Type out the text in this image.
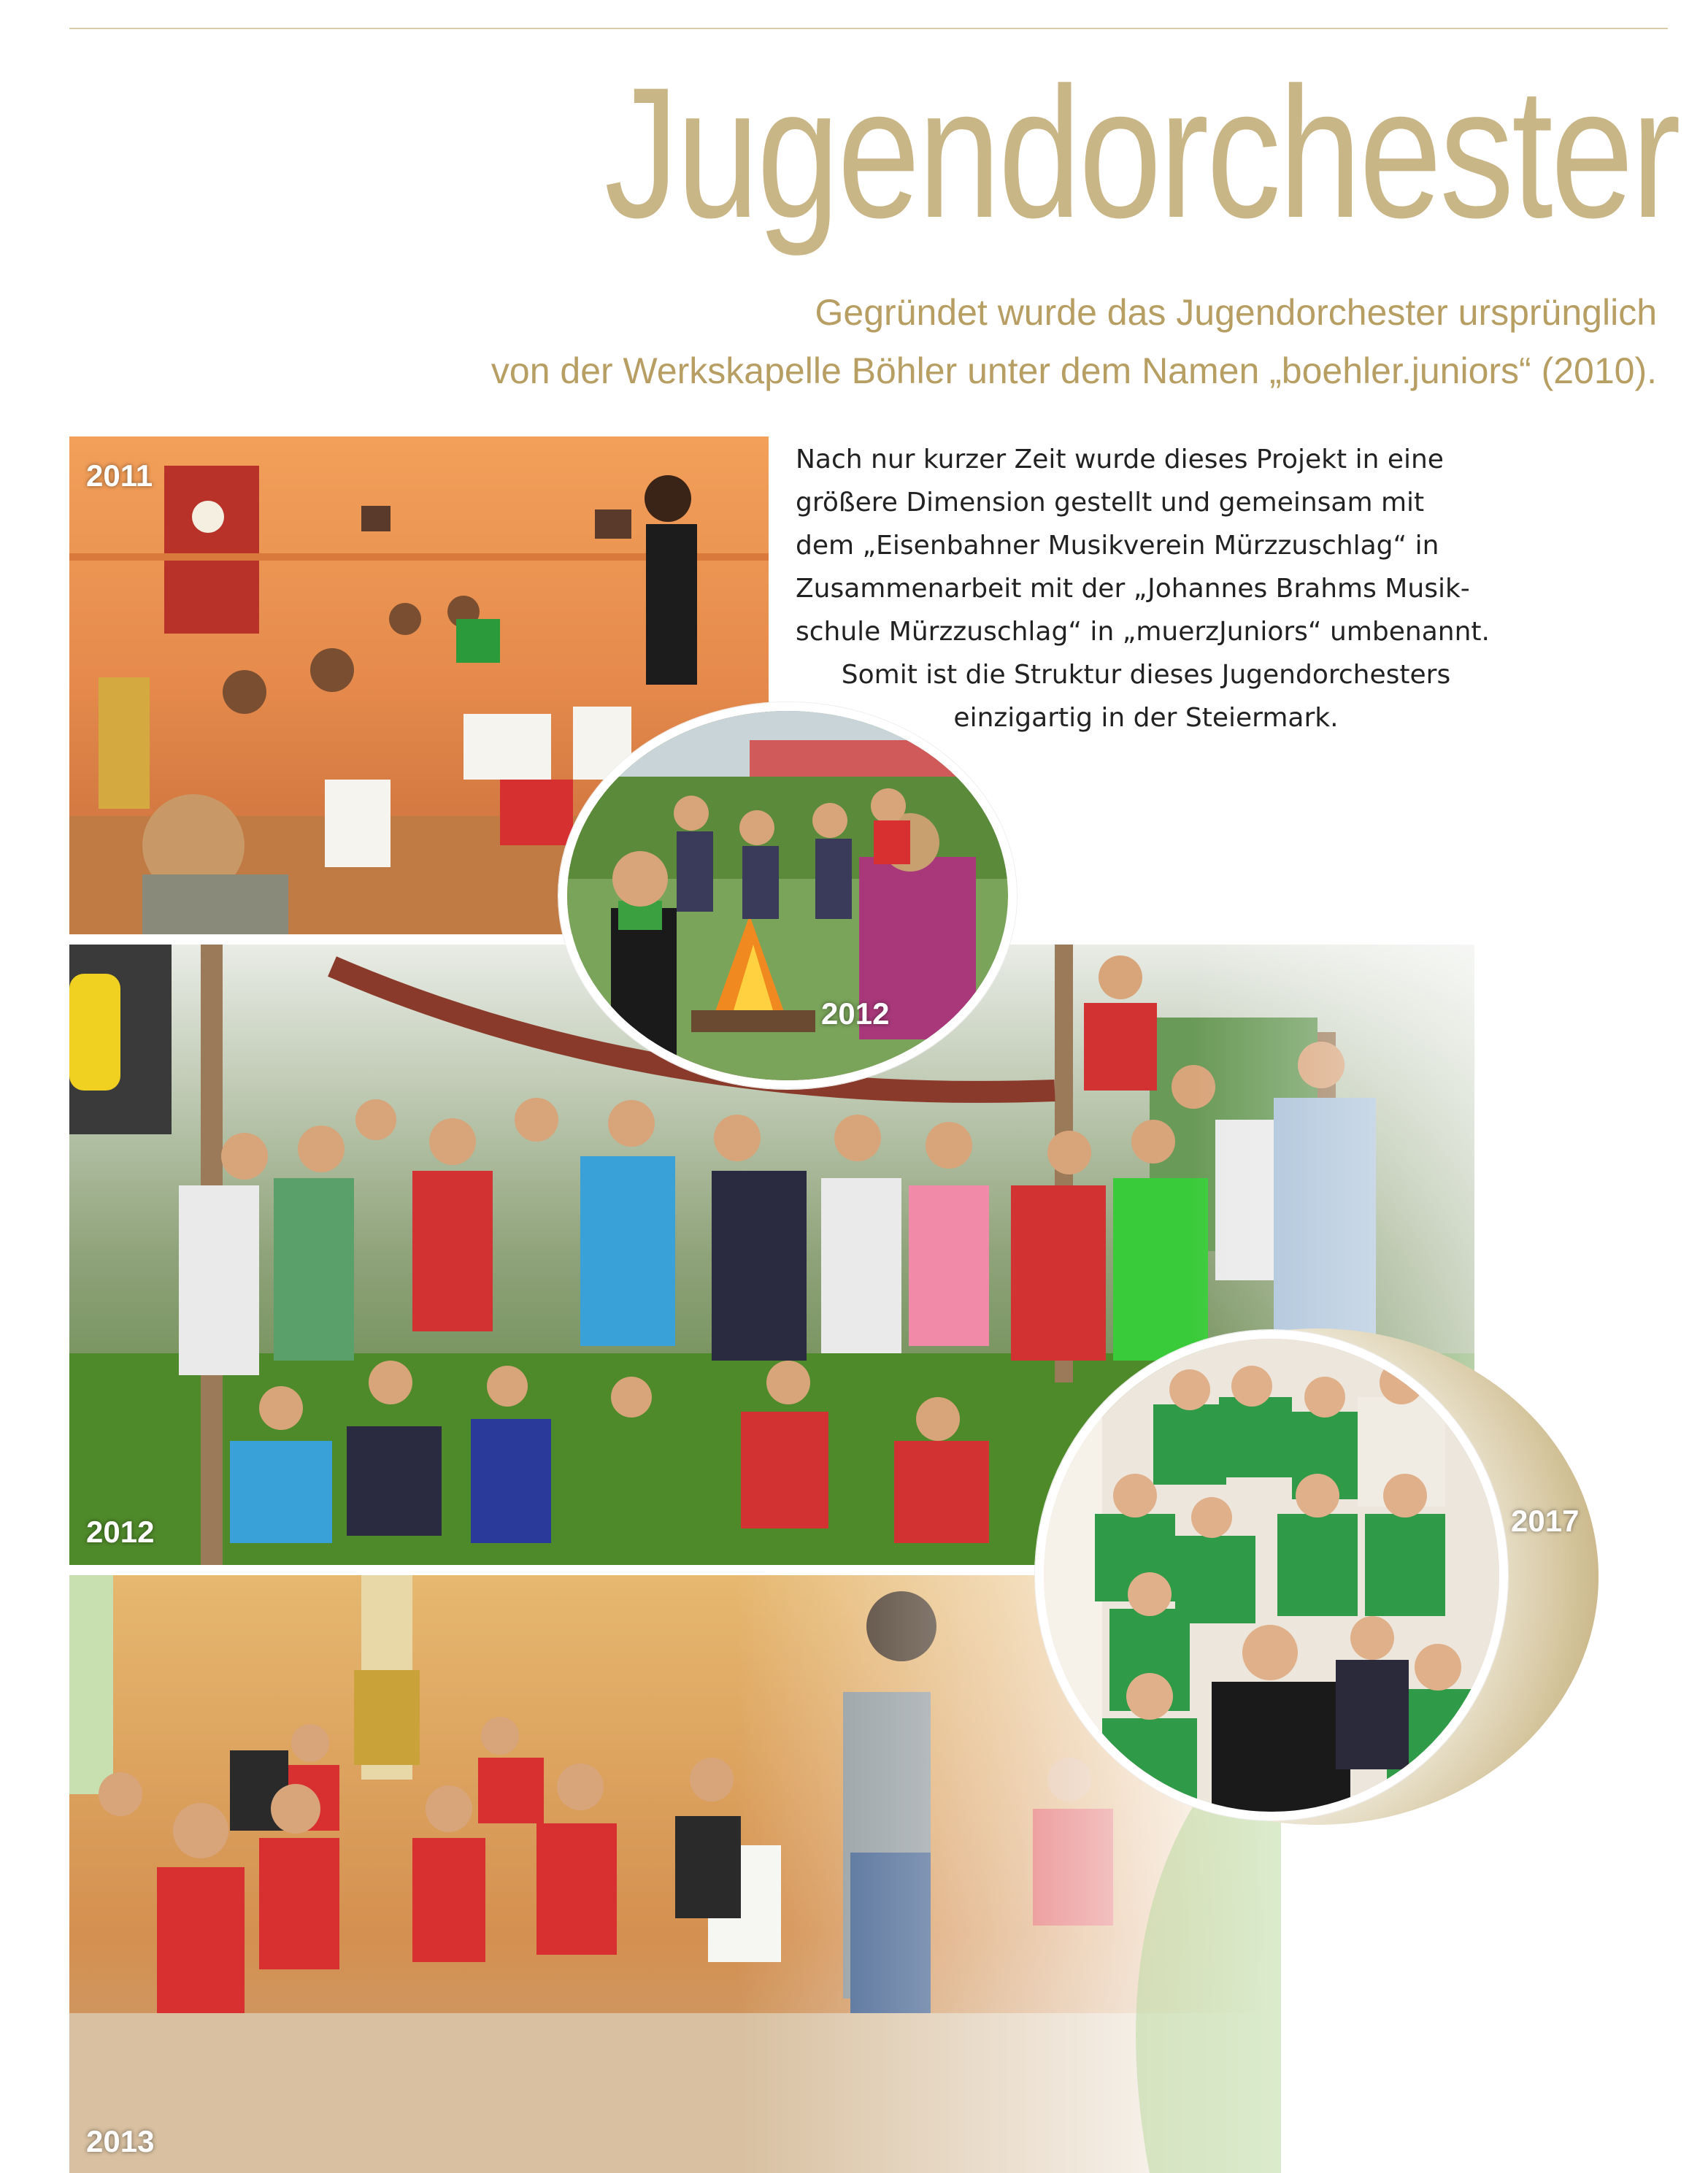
Jugendorchester
Gegründet wurde das Jugendorchester ursprünglich
von der Werkskapelle Böhler unter dem Namen „boehler.juniors“ (2010).
Nach nur kurzer Zeit wurde dieses Projekt in eine
größere Dimension gestellt und gemeinsam mit
dem „Eisenbahner Musikverein Mürzzuschlag“ in
Zusammenarbeit mit der „Johannes Brahms Musik-
schule Mürzzuschlag“ in „muerzJuniors“ umbenannt.
Somit ist die Struktur dieses Jugendorchesters
einzigartig in der Steiermark.
2011
2012
2013
2017
2012
